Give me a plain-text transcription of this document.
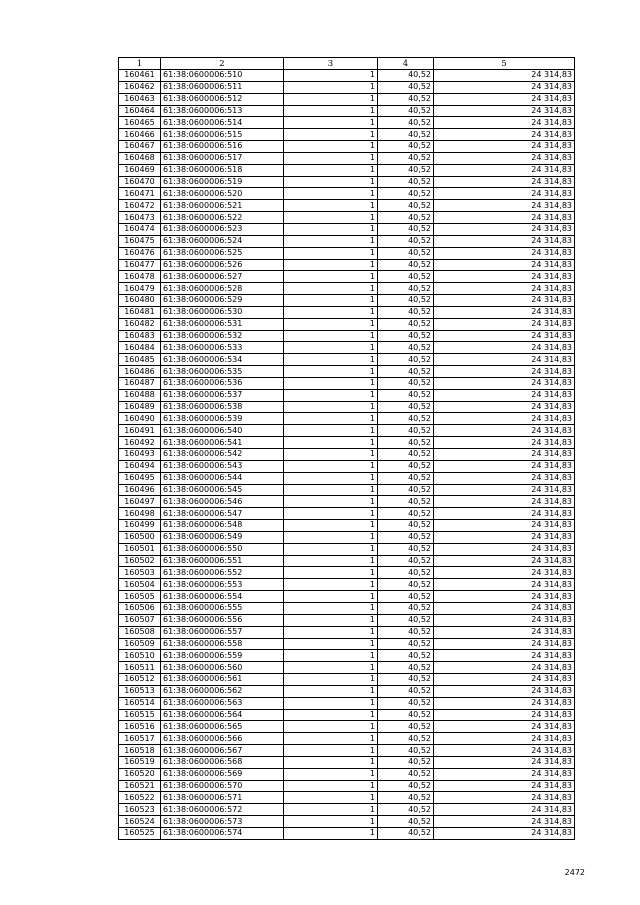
1	2	3	4	5
160461	61:38:0600006:510	1	40,52	24 314,83
160462	61:38:0600006:511	1	40,52	24 314,83
160463	61:38:0600006:512	1	40,52	24 314,83
160464	61:38:0600006:513	1	40,52	24 314,83
160465	61:38:0600006:514	1	40,52	24 314,83
160466	61:38:0600006:515	1	40,52	24 314,83
160467	61:38:0600006:516	1	40,52	24 314,83
160468	61:38:0600006:517	1	40,52	24 314,83
160469	61:38:0600006:518	1	40,52	24 314,83
160470	61:38:0600006:519	1	40,52	24 314,83
160471	61:38:0600006:520	1	40,52	24 314,83
160472	61:38:0600006:521	1	40,52	24 314,83
160473	61:38:0600006:522	1	40,52	24 314,83
160474	61:38:0600006:523	1	40,52	24 314,83
160475	61:38:0600006:524	1	40,52	24 314,83
160476	61:38:0600006:525	1	40,52	24 314,83
160477	61:38:0600006:526	1	40,52	24 314,83
160478	61:38:0600006:527	1	40,52	24 314,83
160479	61:38:0600006:528	1	40,52	24 314,83
160480	61:38:0600006:529	1	40,52	24 314,83
160481	61:38:0600006:530	1	40,52	24 314,83
160482	61:38:0600006:531	1	40,52	24 314,83
160483	61:38:0600006:532	1	40,52	24 314,83
160484	61:38:0600006:533	1	40,52	24 314,83
160485	61:38:0600006:534	1	40,52	24 314,83
160486	61:38:0600006:535	1	40,52	24 314,83
160487	61:38:0600006:536	1	40,52	24 314,83
160488	61:38:0600006:537	1	40,52	24 314,83
160489	61:38:0600006:538	1	40,52	24 314,83
160490	61:38:0600006:539	1	40,52	24 314,83
160491	61:38:0600006:540	1	40,52	24 314,83
160492	61:38:0600006:541	1	40,52	24 314,83
160493	61:38:0600006:542	1	40,52	24 314,83
160494	61:38:0600006:543	1	40,52	24 314,83
160495	61:38:0600006:544	1	40,52	24 314,83
160496	61:38:0600006:545	1	40,52	24 314,83
160497	61:38:0600006:546	1	40,52	24 314,83
160498	61:38:0600006:547	1	40,52	24 314,83
160499	61:38:0600006:548	1	40,52	24 314,83
160500	61:38:0600006:549	1	40,52	24 314,83
160501	61:38:0600006:550	1	40,52	24 314,83
160502	61:38:0600006:551	1	40,52	24 314,83
160503	61:38:0600006:552	1	40,52	24 314,83
160504	61:38:0600006:553	1	40,52	24 314,83
160505	61:38:0600006:554	1	40,52	24 314,83
160506	61:38:0600006:555	1	40,52	24 314,83
160507	61:38:0600006:556	1	40,52	24 314,83
160508	61:38:0600006:557	1	40,52	24 314,83
160509	61:38:0600006:558	1	40,52	24 314,83
160510	61:38:0600006:559	1	40,52	24 314,83
160511	61:38:0600006:560	1	40,52	24 314,83
160512	61:38:0600006:561	1	40,52	24 314,83
160513	61:38:0600006:562	1	40,52	24 314,83
160514	61:38:0600006:563	1	40,52	24 314,83
160515	61:38:0600006:564	1	40,52	24 314,83
160516	61:38:0600006:565	1	40,52	24 314,83
160517	61:38:0600006:566	1	40,52	24 314,83
160518	61:38:0600006:567	1	40,52	24 314,83
160519	61:38:0600006:568	1	40,52	24 314,83
160520	61:38:0600006:569	1	40,52	24 314,83
160521	61:38:0600006:570	1	40,52	24 314,83
160522	61:38:0600006:571	1	40,52	24 314,83
160523	61:38:0600006:572	1	40,52	24 314,83
160524	61:38:0600006:573	1	40,52	24 314,83
160525	61:38:0600006:574	1	40,52	24 314,83
2472
